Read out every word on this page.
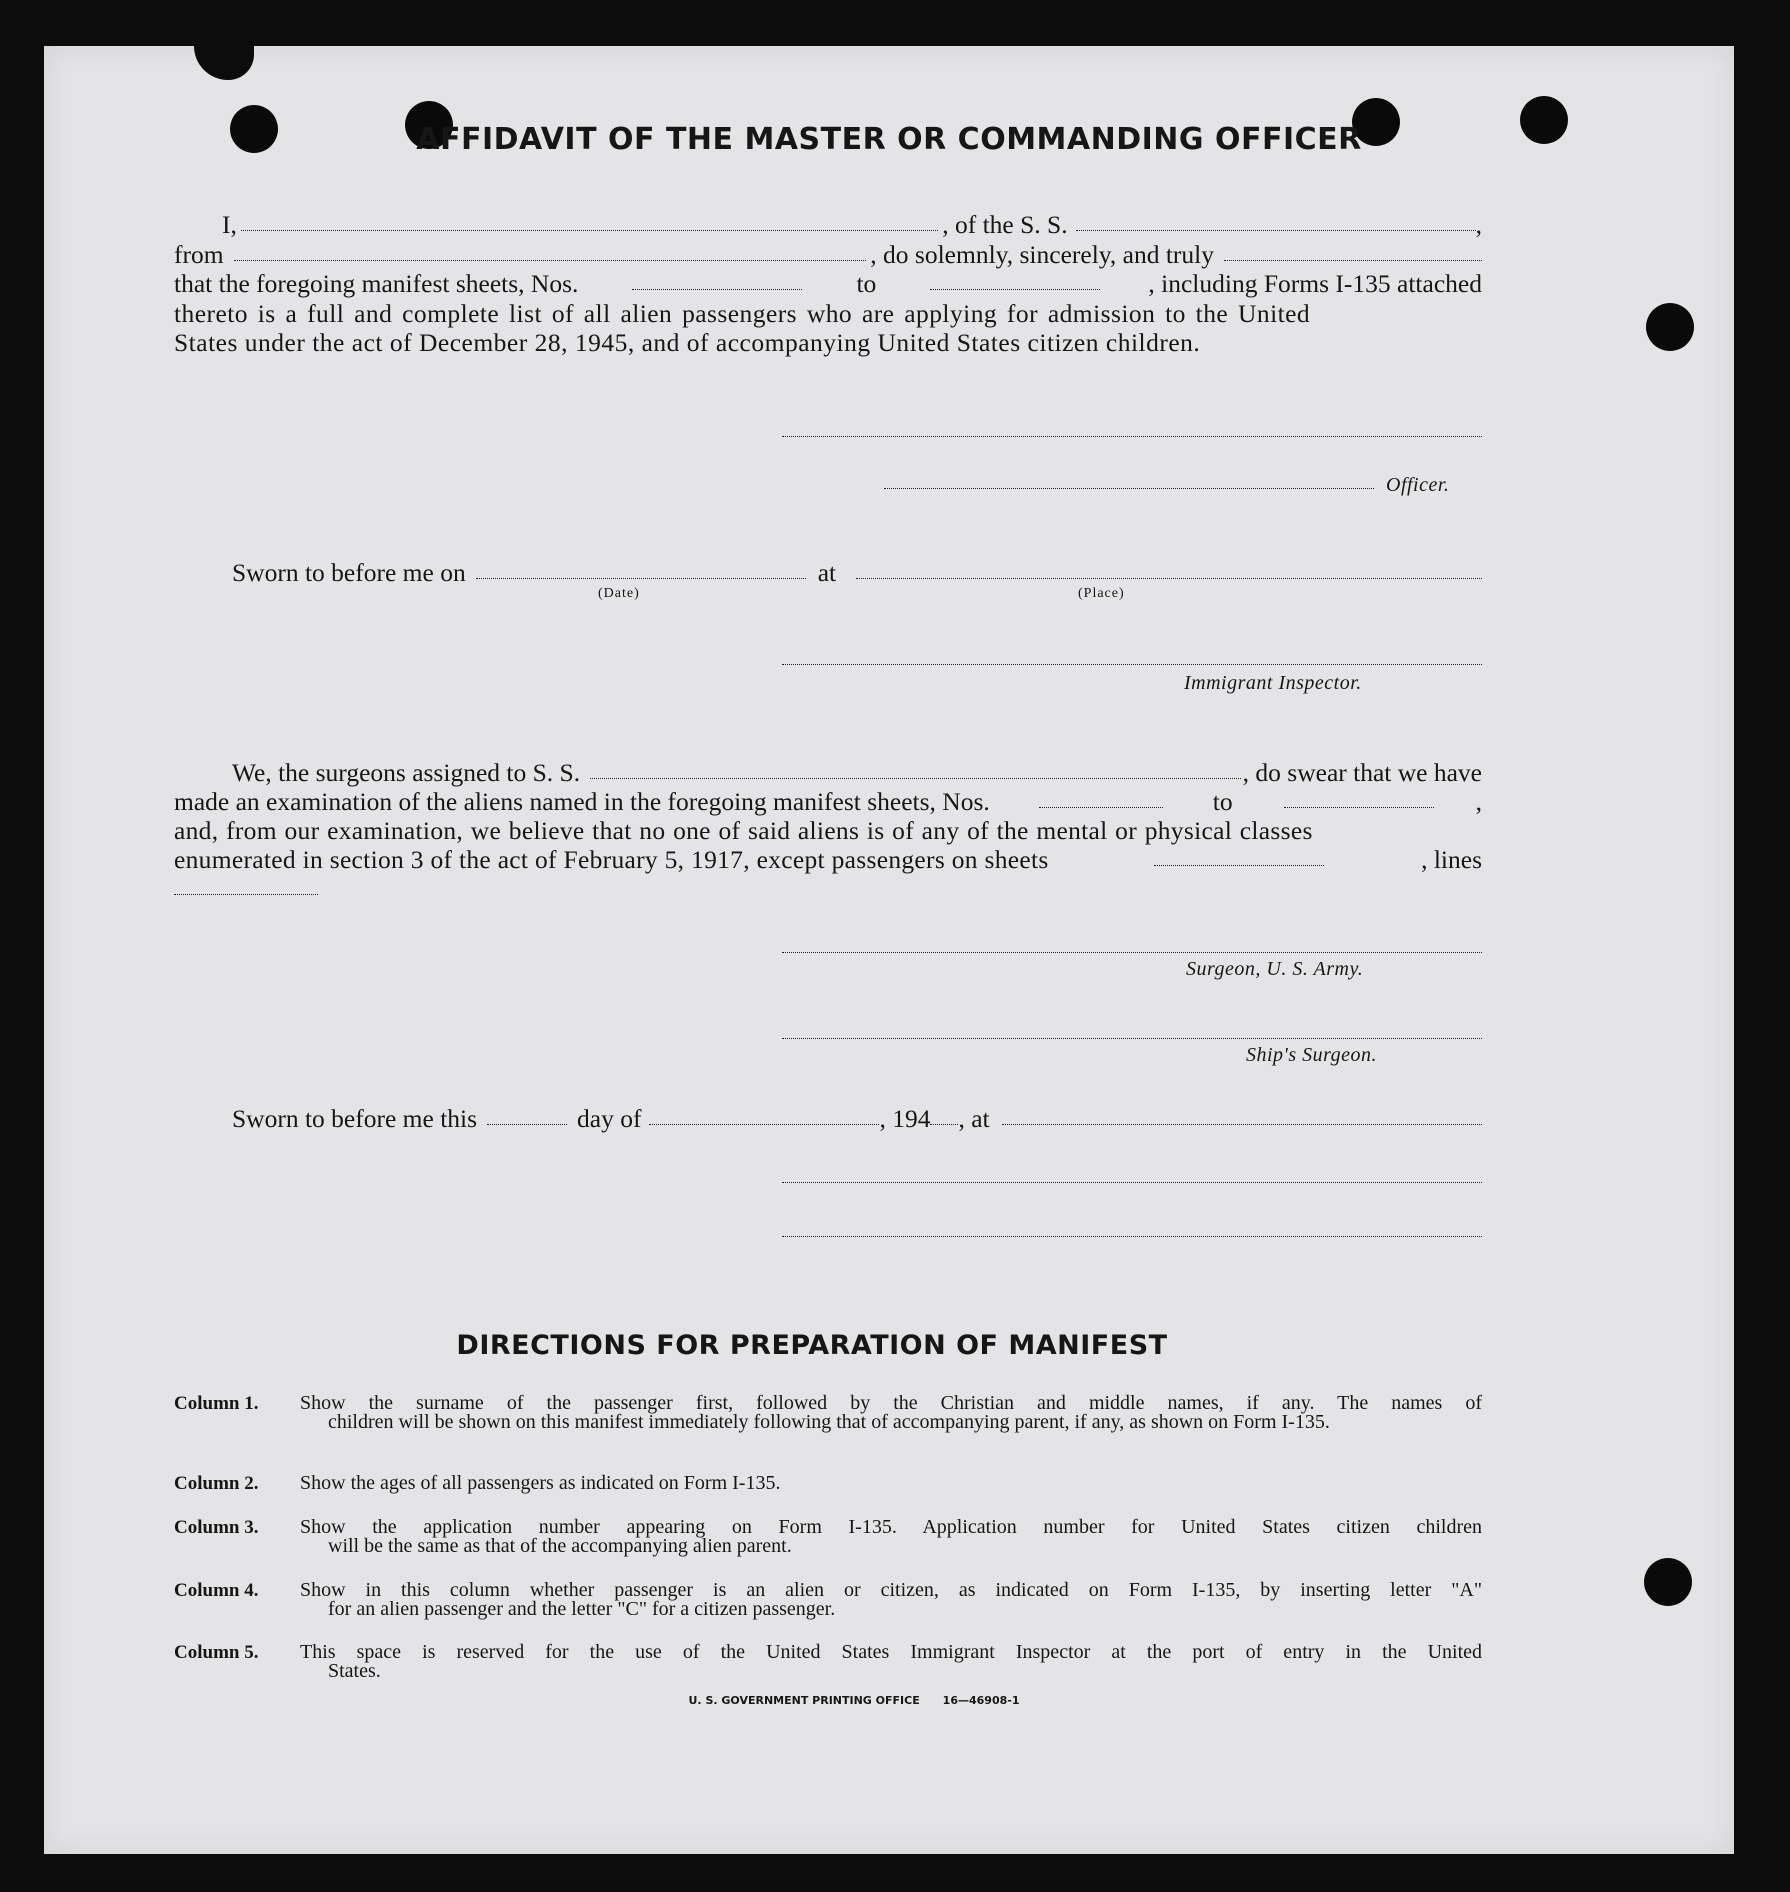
AFFIDAVIT OF THE MASTER OR COMMANDING OFFICER
I,	, of the S. S.	,
from	, do solemnly, sincerely, and truly
that the foregoing manifest sheets, Nos.	to	, including Forms I-135 attached
thereto is a full and complete list of all alien passengers who are applying for admission to the United
States under the act of December 28, 1945, and of accompanying United States citizen children.
Officer.
Sworn to before me on	at
(Date)	(Place)
Immigrant Inspector.
We, the surgeons assigned to S. S.	, do swear that we have
made an examination of the aliens named in the foregoing manifest sheets, Nos.	to	,
and, from our examination, we believe that no one of said aliens is of any of the mental or physical classes
enumerated in section 3 of the act of February 5, 1917, except passengers on sheets	, lines
Surgeon, U. S. Army.
Ship's Surgeon.
Sworn to before me this	day of	, 194 , at
DIRECTIONS FOR PREPARATION OF MANIFEST
Column 1.	Show the surname of the passenger first, followed by the Christian and middle names, if any. The names of
children will be shown on this manifest immediately following that of accompanying parent, if any, as shown on Form I-135.
Column 2.	Show the ages of all passengers as indicated on Form I-135.
Column 3.	Show the application number appearing on Form I-135. Application number for United States citizen children
will be the same as that of the accompanying alien parent.
Column 4.	Show in this column whether passenger is an alien or citizen, as indicated on Form I-135, by inserting letter "A"
for an alien passenger and the letter "C" for a citizen passenger.
Column 5.	This space is reserved for the use of the United States Immigrant Inspector at the port of entry in the United
States.
U. S. GOVERNMENT PRINTING OFFICE      16—46908-1
